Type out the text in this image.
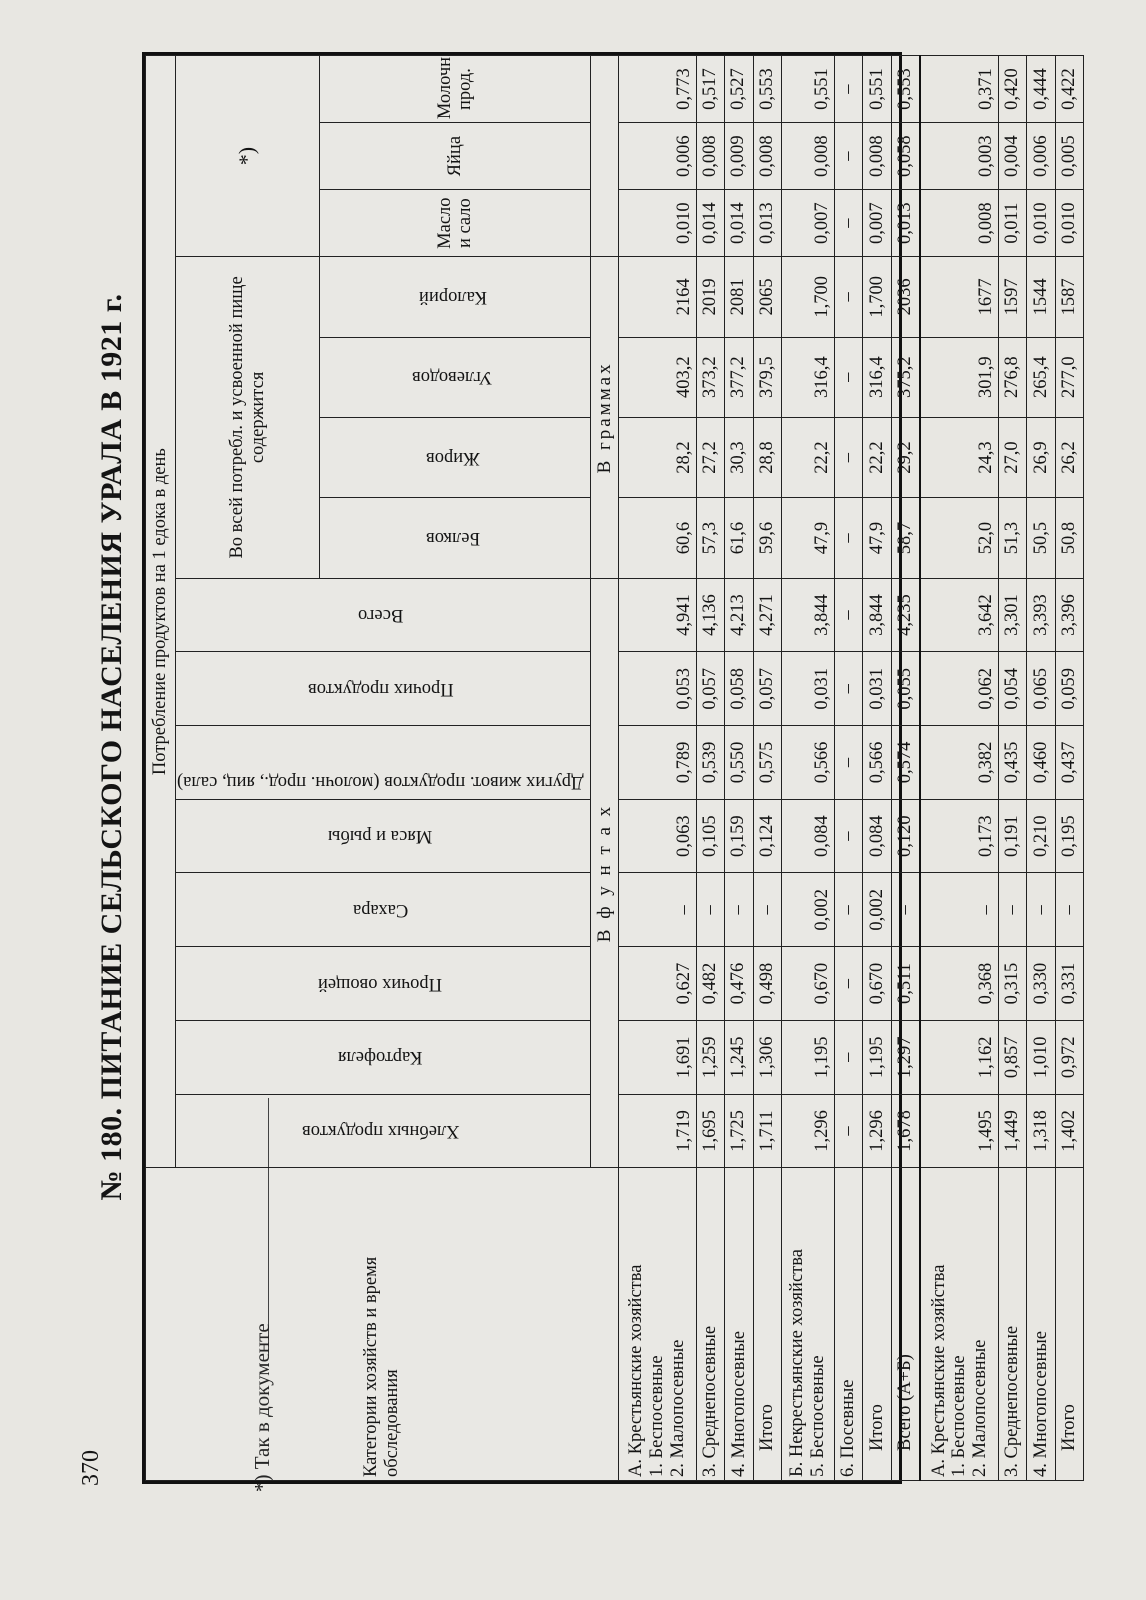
370	*) Так в документе
№ 180. ПИТАНИЕ СЕЛЬСКОГО НАСЕЛЕНИЯ УРАЛА В 1921 г.
Категории хозяйств и время обследования	Потребление продуктов на 1 едока в день														
	Хлебных продуктов	Картофеля	Прочих овощей	Сахара	Мяса и рыбы	Других живот. продуктов (молочн. прод., яиц, сала)	Прочих продуктов	Всего	Во всей потребл. и усвоенной пище содержится				*)		
									Белков	Жиров	Углеводов	Калорий	Масло и сало	Яйца	Молочн. прод.
	В ф у н т а х								В граммах						

А. Крестьянские хозяйства 1. Беспосевные 2. Малопосевные	1,719	1,691	0,627	–	0,063	0,789	0,053	4,941	60,6	28,2	403,2	2164	0,010	0,006	0,773

3. Среднепосевные	1,695	1,259	0,482	–	0,105	0,539	0,057	4,136	57,3	27,2	373,2	2019	0,014	0,008	0,517

4. Многопосевные	1,725	1,245	0,476	–	0,159	0,550	0,058	4,213	61,6	30,3	377,2	2081	0,014	0,009	0,527

Итого	1,711	1,306	0,498	–	0,124	0,575	0,057	4,271	59,6	28,8	379,5	2065	0,013	0,008	0,553

Б. Некрестьянские хозяйства 5. Беспосевные	1,296	1,195	0,670	0,002	0,084	0,566	0,031	3,844	47,9	22,2	316,4	1,700	0,007	0,008	0,551

6. Посевные	–	–	–	–	–	–	–	–	–	–	–	–	–	–	–

Итого	1,296	1,195	0,670	0,002	0,084	0,566	0,031	3,844	47,9	22,2	316,4	1,700	0,007	0,008	0,551

Всего (А+Б)	1,678	1,297	0,511	–	0,120	0,574	0,055	4,235	58,7	29,2	375,2	2036	0,013	0,058	0,553

А. Крестьянские хозяйства 1. Беспосевные 2. Малопосевные	1,495	1,162	0,368	–	0,173	0,382	0,062	3,642	52,0	24,3	301,9	1677	0,008	0,003	0,371

3. Среднепосевные	1,449	0,857	0,315	–	0,191	0,435	0,054	3,301	51,3	27,0	276,8	1597	0,011	0,004	0,420

4. Многопосевные	1,318	1,010	0,330	–	0,210	0,460	0,065	3,393	50,5	26,9	265,4	1544	0,010	0,006	0,444

Итого	1,402	0,972	0,331	–	0,195	0,437	0,059	3,396	50,8	26,2	277,0	1587	0,010	0,005	0,422
